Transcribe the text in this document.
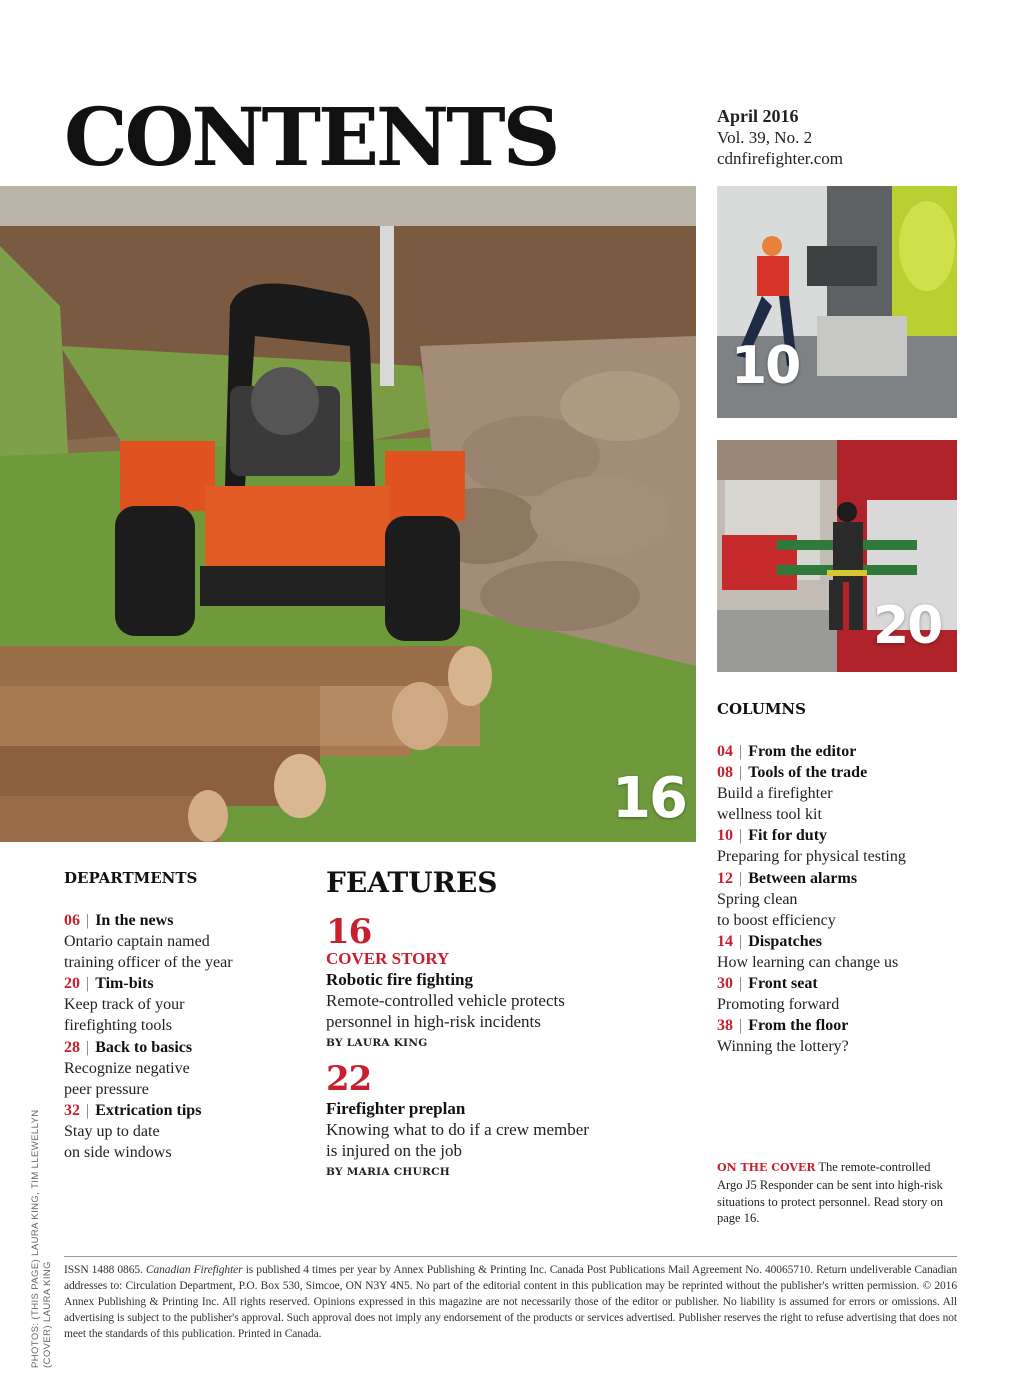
CONTENTS	April 2016
Vol. 39, No. 2
cdnfirefighter.com
16
10
20
DEPARTMENTS
06 | In the news
Ontario captain named
training officer of the year
20 | Tim-bits
Keep track of your
firefighting tools
28 | Back to basics
Recognize negative
peer pressure
32 | Extrication tips
Stay up to date
on side windows
FEATURES
16
COVER STORY
Robotic fire fighting
Remote-controlled vehicle protects
personnel in high-risk incidents
BY LAURA KING
22
Firefighter preplan
Knowing what to do if a crew member
is injured on the job
BY MARIA CHURCH
COLUMNS
04 | From the editor
08 | Tools of the trade
Build a firefighter
wellness tool kit
10 | Fit for duty
Preparing for physical testing
12 | Between alarms
Spring clean
to boost efficiency
14 | Dispatches
How learning can change us
30 | Front seat
Promoting forward
38 | From the floor
Winning the lottery?
ON THE COVER The remote-controlled Argo J5 Responder can be sent into high-risk situations to protect personnel. Read story on page 16.
PHOTOS: (THIS PAGE) LAURA KING, TIM LLEWELLYN (COVER) LAURA KING ISSN 1488 0865. Canadian Firefighter is published 4 times per year by Annex Publishing & Printing Inc. Canada Post Publications Mail Agreement No. 40065710. Return undeliverable Canadian addresses to: Circulation Department, P.O. Box 530, Simcoe, ON N3Y 4N5. No part of the editorial content in this publication may be reprinted without the publisher's written permission. © 2016 Annex Publishing & Printing Inc. All rights reserved. Opinions expressed in this magazine are not necessarily those of the editor or publisher. No liability is assumed for errors or omissions. All advertising is subject to the publisher's approval. Such approval does not imply any endorsement of the products or services advertised. Publisher reserves the right to refuse advertising that does not meet the standards of this publication. Printed in Canada.
